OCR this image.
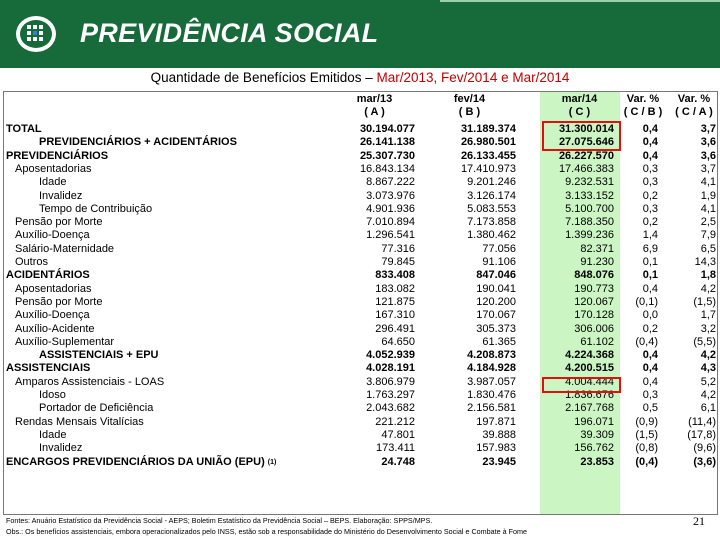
PREVIDÊNCIA SOCIAL
Quantidade de Benefícios Emitidos – Mar/2013, Fev/2014 e Mar/2014
mar/13	fev/14	mar/14	Var. %	Var. %
( A )	( B )	( C )	( C / B )	( C / A )
TOTAL	30.194.077	31.189.374	31.300.014	0,4	3,7
PREVIDENCIÁRIOS + ACIDENTÁRIOS	26.141.138	26.980.501	27.075.646	0,4	3,6
PREVIDENCIÁRIOS	25.307.730	26.133.455	26.227.570	0,4	3,6
Aposentadorias	16.843.134	17.410.973	17.466.383	0,3	3,7
Idade	8.867.222	9.201.246	9.232.531	0,3	4,1
Invalidez	3.073.976	3.126.174	3.133.152	0,2	1,9
Tempo de Contribuição	4.901.936	5.083.553	5.100.700	0,3	4,1
Pensão por Morte	7.010.894	7.173.858	7.188.350	0,2	2,5
Auxílio-Doença	1.296.541	1.380.462	1.399.236	1,4	7,9
Salário-Maternidade	77.316	77.056	82.371	6,9	6,5
Outros	79.845	91.106	91.230	0,1	14,3
ACIDENTÁRIOS	833.408	847.046	848.076	0,1	1,8
Aposentadorias	183.082	190.041	190.773	0,4	4,2
Pensão por Morte	121.875	120.200	120.067	(0,1)	(1,5)
Auxílio-Doença	167.310	170.067	170.128	0,0	1,7
Auxílio-Acidente	296.491	305.373	306.006	0,2	3,2
Auxílio-Suplementar	64.650	61.365	61.102	(0,4)	(5,5)
ASSISTENCIAIS + EPU	4.052.939	4.208.873	4.224.368	0,4	4,2
ASSISTENCIAIS	4.028.191	4.184.928	4.200.515	0,4	4,3
Amparos Assistenciais - LOAS	3.806.979	3.987.057	4.004.444	0,4	5,2
Idoso	1.763.297	1.830.476	1.836.676	0,3	4,2
Portador de Deficiência	2.043.682	2.156.581	2.167.768	0,5	6,1
Rendas Mensais Vitalícias	221.212	197.871	196.071	(0,9)	(11,4)
Idade	47.801	39.888	39.309	(1,5)	(17,8)
Invalidez	173.411	157.983	156.762	(0,8)	(9,6)
ENCARGOS PREVIDENCIÁRIOS DA UNIÃO (EPU) $^{(1)}$	24.748	23.945	23.853	(0,4)	(3,6)
Fontes: Anuário Estatístico da Previdência Social - AEPS; Boletim Estatístico da Previdência Social – BEPS. Elaboração: SPPS/MPS.
Obs.: Os benefícios assistenciais, embora operacionalizados pelo INSS, estão sob a responsabilidade do Ministério do Desenvolvimento Social e Combate à Fome
21
